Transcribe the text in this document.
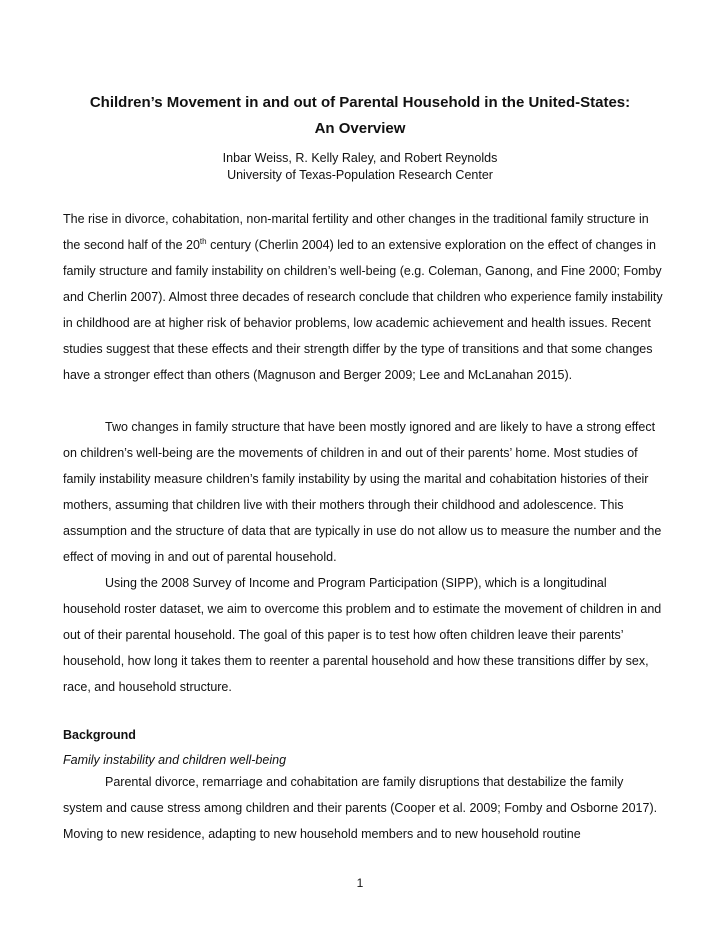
Children’s Movement in and out of Parental Household in the United-States:
An Overview

Inbar Weiss, R. Kelly Raley, and Robert Reynolds

University of Texas-Population Research Center

The rise in divorce, cohabitation, non-marital fertility and other changes in the traditional family structure in the second half of the 20th century (Cherlin 2004) led to an extensive exploration on the effect of changes in family structure and family instability on children’s well-being (e.g. Coleman, Ganong, and Fine 2000; Fomby and Cherlin 2007). Almost three decades of research conclude that children who experience family instability in childhood are at higher risk of behavior problems, low academic achievement and health issues. Recent studies suggest that these effects and their strength differ by the type of transitions and that some changes have a stronger effect than others (Magnuson and Berger 2009; Lee and McLanahan 2015).

Two changes in family structure that have been mostly ignored and are likely to have a strong effect on children’s well-being are the movements of children in and out of their parents’ home. Most studies of family instability measure children’s family instability by using the marital and cohabitation histories of their mothers, assuming that children live with their mothers through their childhood and adolescence. This assumption and the structure of data that are typically in use do not allow us to measure the number and the effect of moving in and out of parental household.

Using the 2008 Survey of Income and Program Participation (SIPP), which is a longitudinal household roster dataset, we aim to overcome this problem and to estimate the movement of children in and out of their parental household. The goal of this paper is to test how often children leave their parents’ household, how long it takes them to reenter a parental household and how these transitions differ by sex, race, and household structure.

Background
Family instability and children well-being

Parental divorce, remarriage and cohabitation are family disruptions that destabilize the family system and cause stress among children and their parents (Cooper et al. 2009; Fomby and Osborne 2017). Moving to new residence, adapting to new household members and to new household routine

1
